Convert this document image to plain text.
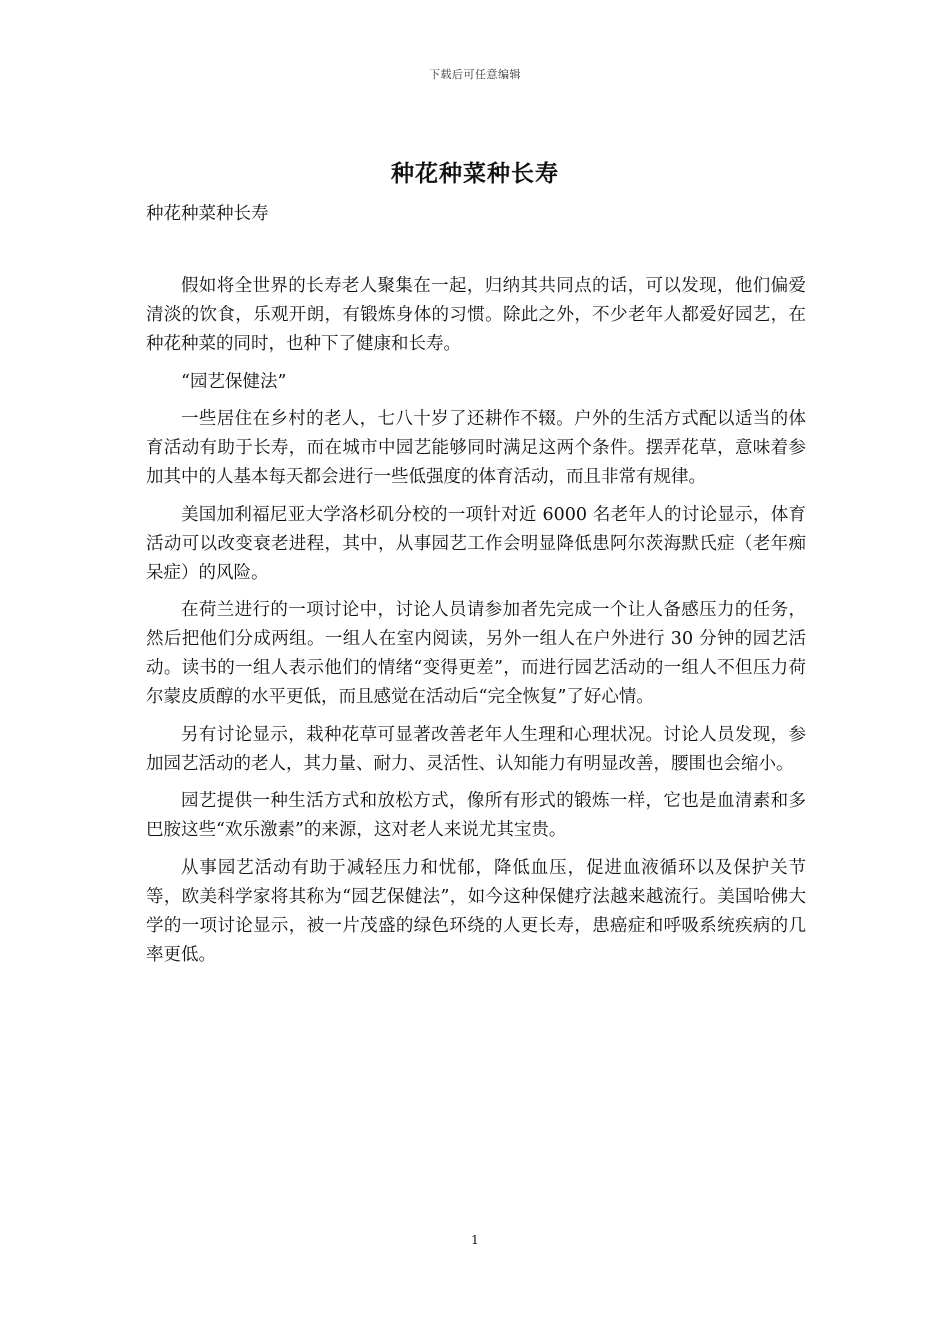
下载后可任意编辑
种花种菜种长寿

种花种菜种长寿

假如将全世界的长寿老人聚集在一起，归纳其共同点的话，可以发现，他们偏爱清淡的饮食，乐观开朗，有锻炼身体的习惯。除此之外，不少老年人都爱好园艺，在种花种菜的同时，也种下了健康和长寿。

“园艺保健法”

一些居住在乡村的老人，七八十岁了还耕作不辍。户外的生活方式配以适当的体育活动有助于长寿，而在城市中园艺能够同时满足这两个条件。摆弄花草，意味着参加其中的人基本每天都会进行一些低强度的体育活动，而且非常有规律。

美国加利福尼亚大学洛杉矶分校的一项针对近 6000 名老年人的讨论显示，体育活动可以改变衰老进程，其中，从事园艺工作会明显降低患阿尔茨海默氏症（老年痴呆症）的风险。

在荷兰进行的一项讨论中，讨论人员请参加者先完成一个让人备感压力的任务，然后把他们分成两组。一组人在室内阅读，另外一组人在户外进行 30 分钟的园艺活动。读书的一组人表示他们的情绪“变得更差”，而进行园艺活动的一组人不但压力荷尔蒙皮质醇的水平更低，而且感觉在活动后“完全恢复”了好心情。

另有讨论显示，栽种花草可显著改善老年人生理和心理状况。讨论人员发现，参加园艺活动的老人，其力量、耐力、灵活性、认知能力有明显改善，腰围也会缩小。

园艺提供一种生活方式和放松方式，像所有形式的锻炼一样，它也是血清素和多巴胺这些“欢乐激素”的来源，这对老人来说尤其宝贵。

从事园艺活动有助于减轻压力和忧郁，降低血压，促进血液循环以及保护关节等，欧美科学家将其称为“园艺保健法”，如今这种保健疗法越来越流行。美国哈佛大学的一项讨论显示，被一片茂盛的绿色环绕的人更长寿，患癌症和呼吸系统疾病的几率更低。

1
